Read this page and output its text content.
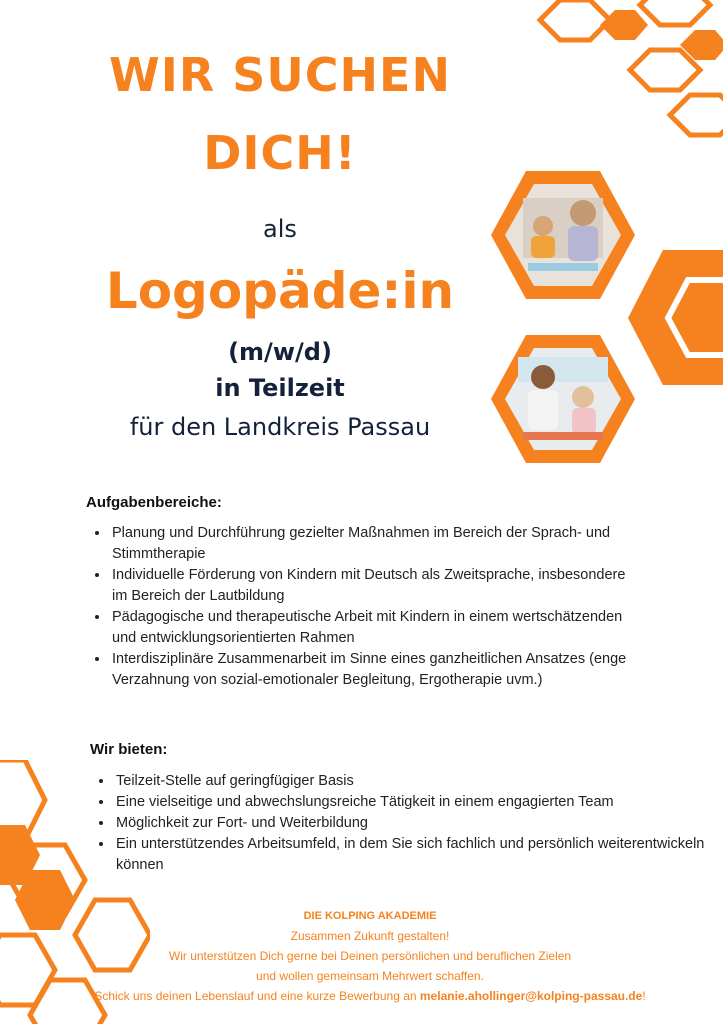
WIR SUCHEN
DICH!
als
Logopäde:in
(m/w/d)
in Teilzeit
für den Landkreis Passau
Aufgabenbereiche:
• Planung und Durchführung gezielter Maßnahmen im Bereich der Sprach- und Stimmtherapie
• Individuelle Förderung von Kindern mit Deutsch als Zweitsprache, insbesondere im Bereich der Lautbildung
• Pädagogische und therapeutische Arbeit mit Kindern in einem wertschätzenden und entwicklungsorientierten Rahmen
• Interdisziplinäre Zusammenarbeit im Sinne eines ganzheitlichen Ansatzes (enge Verzahnung von sozial-emotionaler Begleitung, Ergotherapie uvm.)
Wir bieten:
• Teilzeit-Stelle auf geringfügiger Basis
• Eine vielseitige und abwechslungsreiche Tätigkeit in einem engagierten Team
• Möglichkeit zur Fort- und Weiterbildung
• Ein unterstützendes Arbeitsumfeld, in dem Sie sich fachlich und persönlich weiterentwickeln können
DIE KOLPING AKADEMIE
Zusammen Zukunft gestalten!
Wir unterstützen Dich gerne bei Deinen persönlichen und beruflichen Zielen
und wollen gemeinsam Mehrwert schaffen.
Schick uns deinen Lebenslauf und eine kurze Bewerbung an melanie.ahollinger@kolping-passau.de!
